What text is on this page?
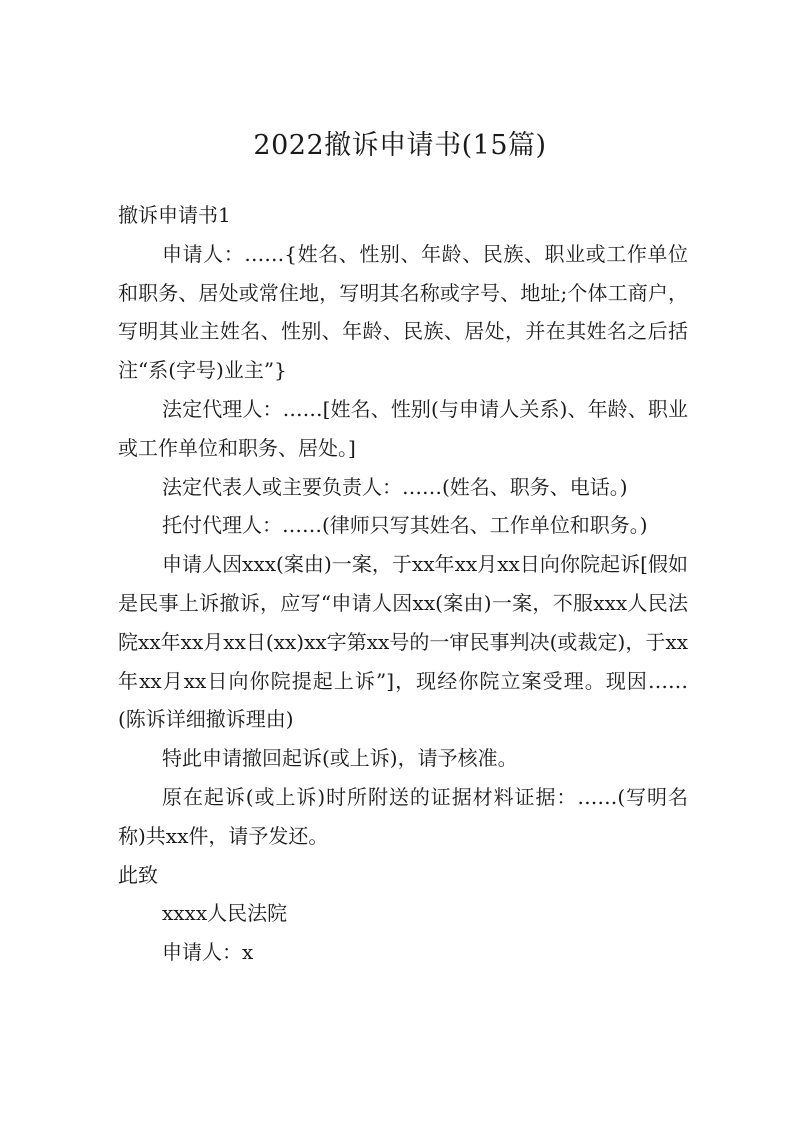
2022撤诉申请书(15篇)

撤诉申请书1

申请人：……{姓名、性别、年龄、民族、职业或工作单位和职务、居处或常住地，写明其名称或字号、地址;个体工商户，写明其业主姓名、性别、年龄、民族、居处，并在其姓名之后括注“系(字号)业主”}

法定代理人：……[姓名、性别(与申请人关系)、年龄、职业或工作单位和职务、居处。]

法定代表人或主要负责人：……(姓名、职务、电话。)

托付代理人：……(律师只写其姓名、工作单位和职务。)

申请人因xxx(案由)一案，于xx年xx月xx日向你院起诉[假如是民事上诉撤诉，应写“申请人因xx(案由)一案，不服xxx人民法院xx年xx月xx日(xx)xx字第xx号的一审民事判决(或裁定)，于xx年xx月xx日向你院提起上诉”]，现经你院立案受理。现因……(陈诉详细撤诉理由)

特此申请撤回起诉(或上诉)，请予核准。

原在起诉(或上诉)时所附送的证据材料证据：……(写明名称)共xx件，请予发还。

此致

xxxx人民法院

申请人：x
